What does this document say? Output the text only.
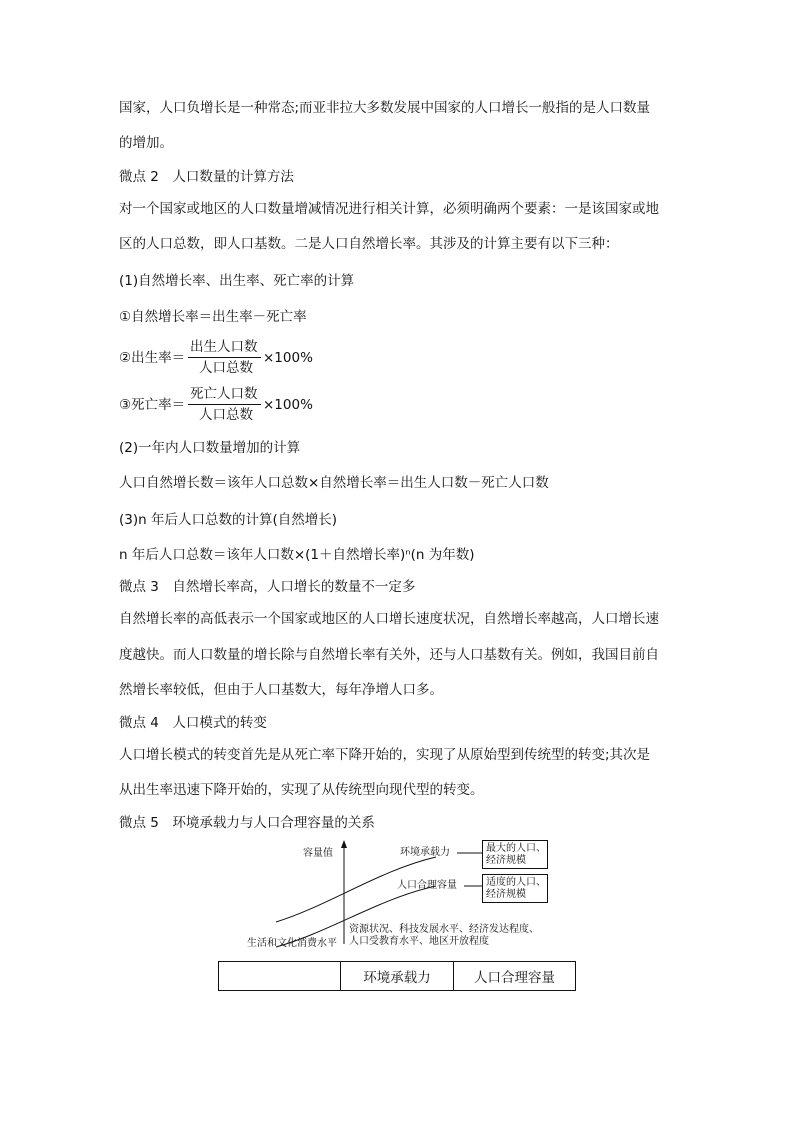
国家，人口负增长是一种常态;而亚非拉大多数发展中国家的人口增长一般指的是人口数量
的增加。
微点 2　人口数量的计算方法
对一个国家或地区的人口数量增减情况进行相关计算，必须明确两个要素：一是该国家或地
区的人口总数，即人口基数。二是人口自然增长率。其涉及的计算主要有以下三种：
(1)自然增长率、出生率、死亡率的计算
①自然增长率＝出生率－死亡率
②出生率＝
出生人口数
人口总数
×100%
③死亡率＝
死亡人口数
人口总数
×100%
(2)一年内人口数量增加的计算
人口自然增长数＝该年人口总数×自然增长率＝出生人口数－死亡人口数
(3)n 年后人口总数的计算(自然增长)
n 年后人口总数＝该年人口数×(1＋自然增长率)ⁿ(n 为年数)
微点 3　自然增长率高，人口增长的数量不一定多
自然增长率的高低表示一个国家或地区的人口增长速度状况，自然增长率越高，人口增长速
度越快。而人口数量的增长除与自然增长率有关外，还与人口基数有关。例如，我国目前自
然增长率较低，但由于人口基数大，每年净增人口多。
微点 4　人口模式的转变
人口增长模式的转变首先是从死亡率下降开始的，实现了从原始型到传统型的转变;其次是
从出生率迅速下降开始的，实现了从传统型向现代型的转变。
微点 5　环境承载力与人口合理容量的关系
容量值	环境承载力
人口合理容量
最大的人口、
经济规模
适度的人口、
经济规模
生活和文化消费水平
资源状况、科技发展水平、经济发达程度、
人口受教育水平、地区开放程度
	环境承载力	人口合理容量
